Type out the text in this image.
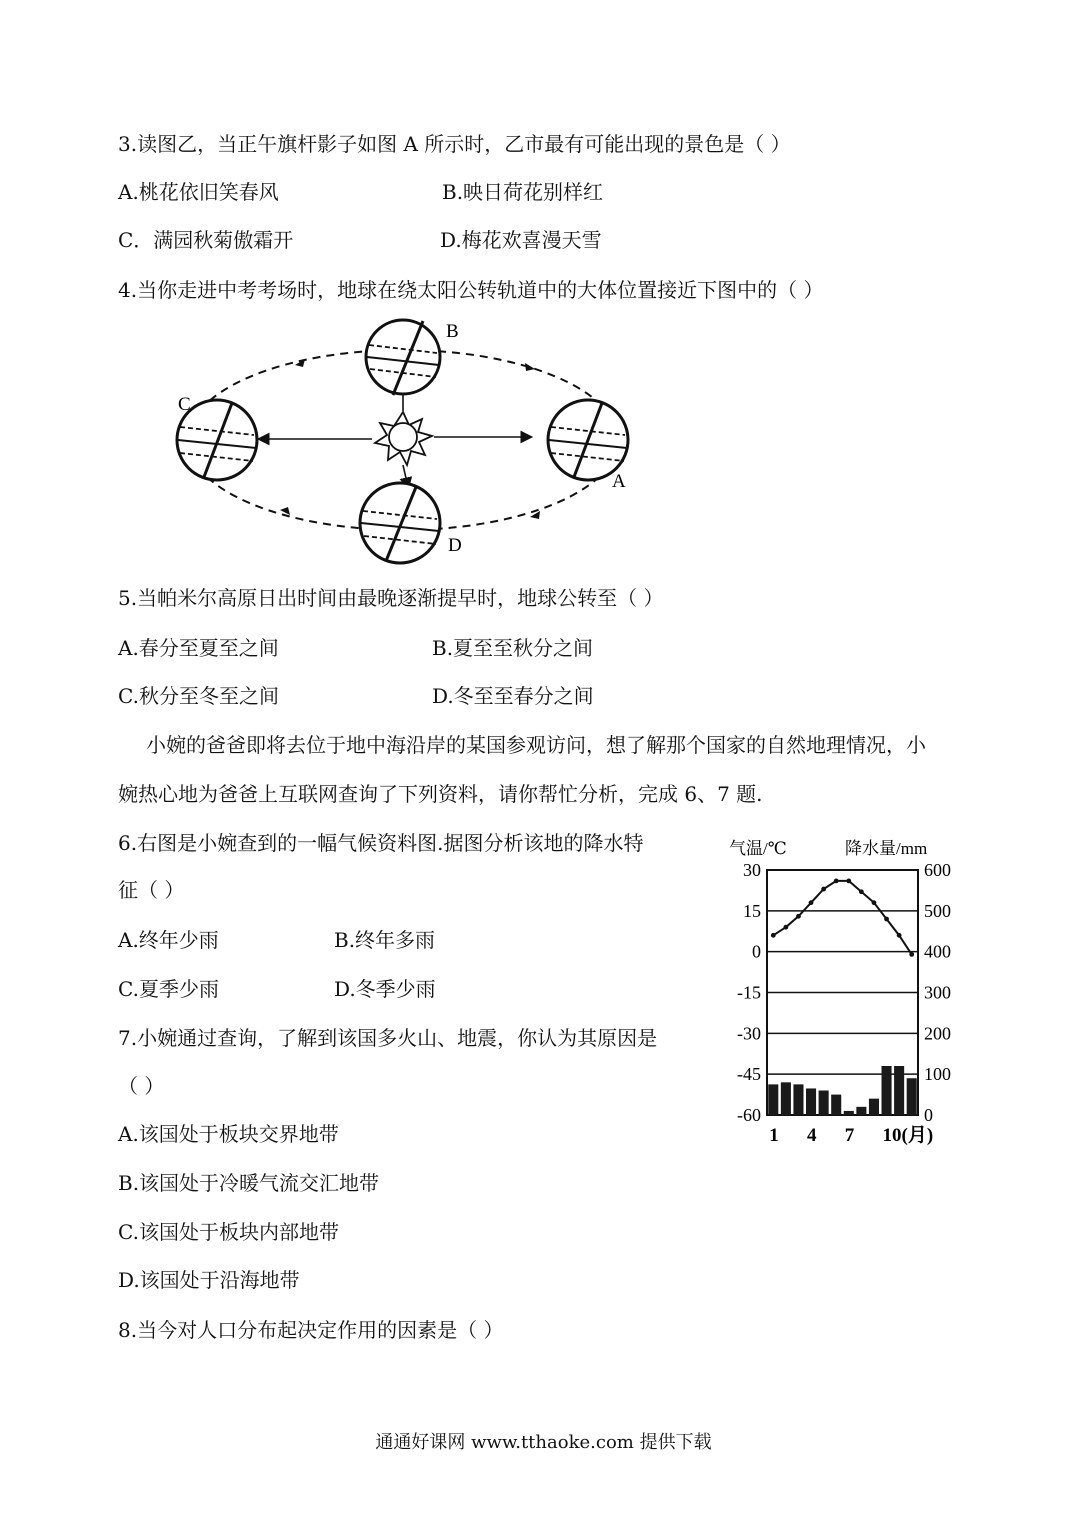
3.读图乙，当正午旗杆影子如图 A 所示时，乙市最有可能出现的景色是（ ）
A.桃花依旧笑春风	B.映日荷花别样红
C．满园秋菊傲霜开	D.梅花欢喜漫天雪
4.当你走进中考考场时，地球在绕太阳公转轨道中的大体位置接近下图中的（ ）
B
C
A
D
5.当帕米尔高原日出时间由最晚逐渐提早时，地球公转至（ ）
A.春分至夏至之间	B.夏至至秋分之间
C.秋分至冬至之间	D.冬至至春分之间
小婉的爸爸即将去位于地中海沿岸的某国参观访问，想了解那个国家的自然地理情况，小
婉热心地为爸爸上互联网查询了下列资料，请你帮忙分析，完成 6、7 题.
6.右图是小婉查到的一幅气候资料图.据图分析该地的降水特
征（ ）
A.终年少雨	B.终年多雨
C.夏季少雨	D.冬季少雨
7.小婉通过查询，了解到该国多火山、地震，你认为其原因是
（ ）
A.该国处于板块交界地带
B.该国处于冷暖气流交汇地带
C.该国处于板块内部地带
D.该国处于沿海地带
8.当今对人口分布起决定作用的因素是（ ）
气温/℃	降水量/mm
30	600
15	500
0	400
-15	300
-30	200
-45	100
-60	0
1 4 7 10(月)
通通好课网 www.tthaoke.com 提供下载
